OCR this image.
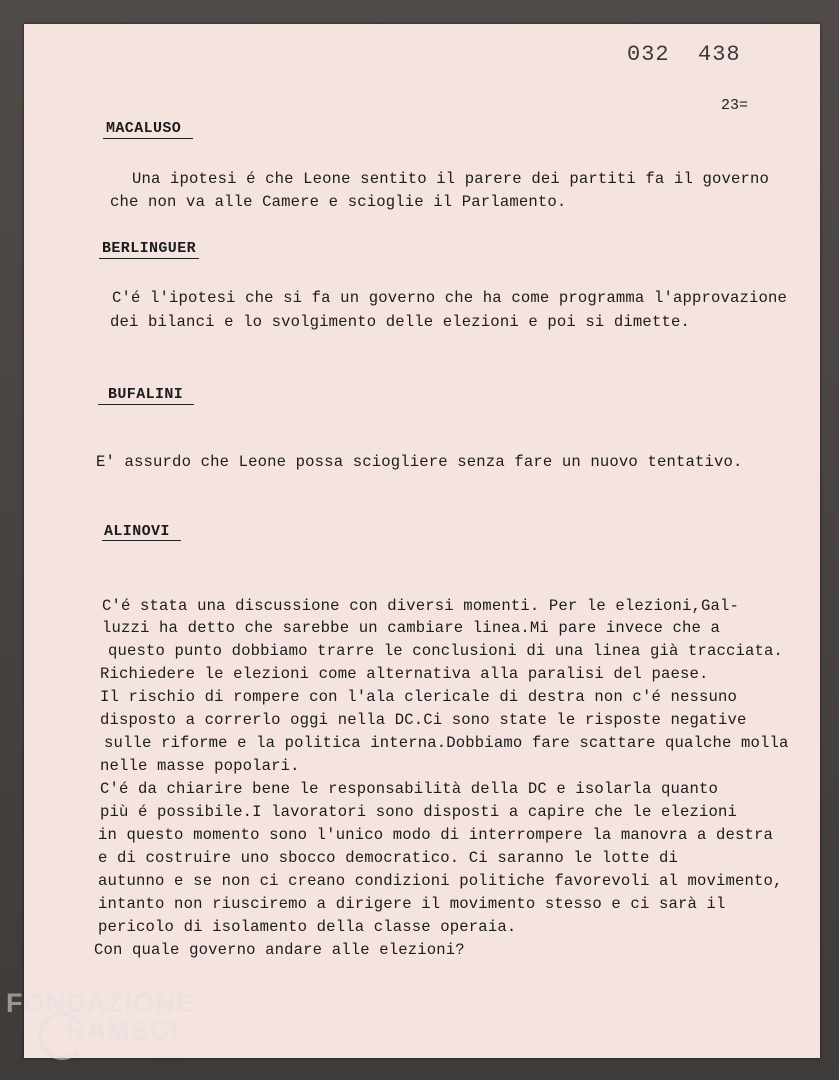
032  438
23=
MACALUSO
Una ipotesi é che Leone sentito il parere dei partiti fa il governo
che non va alle Camere e scioglie il Parlamento.
BERLINGUER
C'é l'ipotesi che si fa un governo che ha come programma l'approvazione
dei bilanci e lo svolgimento delle elezioni e poi si dimette.
BUFALINI
E' assurdo che Leone possa sciogliere senza fare un nuovo tentativo.
ALINOVI
C'é stata una discussione con diversi momenti. Per le elezioni,Gal-
luzzi ha detto che sarebbe un cambiare linea.Mi pare invece che a
questo punto dobbiamo trarre le conclusioni di una linea già tracciata.
Richiedere le elezioni come alternativa alla paralisi del paese.
Il rischio di rompere con l'ala clericale di destra non c'é nessuno
disposto a correrlo oggi nella DC.Ci sono state le risposte negative
sulle riforme e la politica interna.Dobbiamo fare scattare qualche molla
nelle masse popolari.
C'é da chiarire bene le responsabilità della DC e isolarla quanto
più é possibile.I lavoratori sono disposti a capire che le elezioni
in questo momento sono l'unico modo di interrompere la manovra a destra
e di costruire uno sbocco democratico. Ci saranno le lotte di
autunno e se non ci creano condizioni politiche favorevoli al movimento,
intanto non riusciremo a dirigere il movimento stesso e ci sarà il
pericolo di isolamento della classe operaia.
Con quale governo andare alle elezioni?
FONDAZIONE
RAMSCI
onlus
